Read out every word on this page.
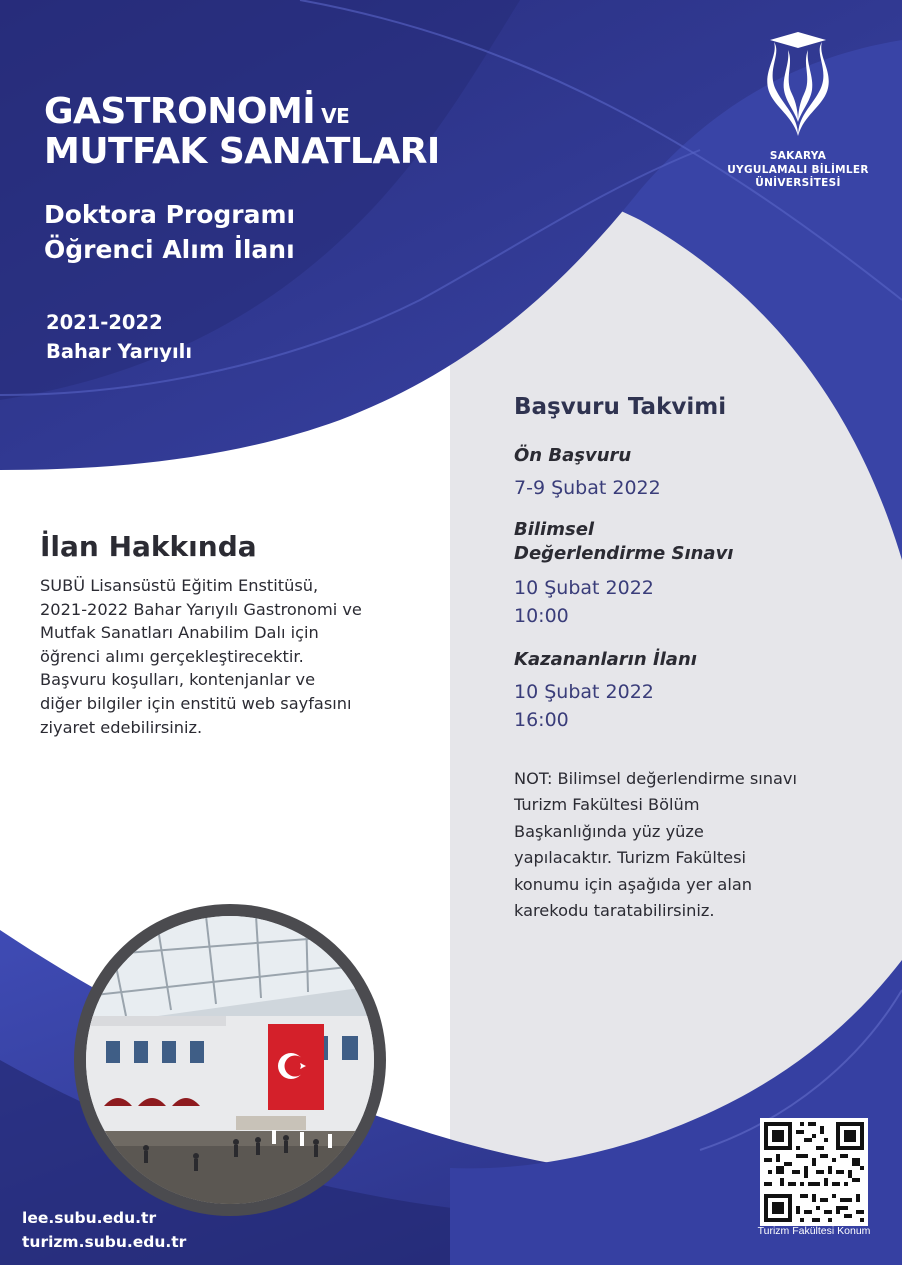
GASTRONOMİ VE
MUTFAK SANATLARI
Doktora Programı
Öğrenci Alım İlanı
2021-2022
Bahar Yarıyılı
SAKARYA
UYGULAMALI BİLİMLER
ÜNİVERSİTESİ
İlan Hakkında
SUBÜ Lisansüstü Eğitim Enstitüsü,
2021-2022 Bahar Yarıyılı Gastronomi ve
Mutfak Sanatları Anabilim Dalı için
öğrenci alımı gerçekleştirecektir.
Başvuru koşulları, kontenjanlar ve
diğer bilgiler için enstitü web sayfasını
ziyaret edebilirsiniz.
Başvuru Takvimi
Ön Başvuru
7-9 Şubat 2022
Bilimsel
Değerlendirme Sınavı
10 Şubat 2022
10:00
Kazananların İlanı
10 Şubat 2022
16:00
NOT: Bilimsel değerlendirme sınavı
Turizm Fakültesi Bölüm
Başkanlığında yüz yüze
yapılacaktır. Turizm Fakültesi
konumu için aşağıda yer alan
karekodu taratabilirsiniz.
lee.subu.edu.tr
turizm.subu.edu.tr
Turizm Fakültesi Konum
